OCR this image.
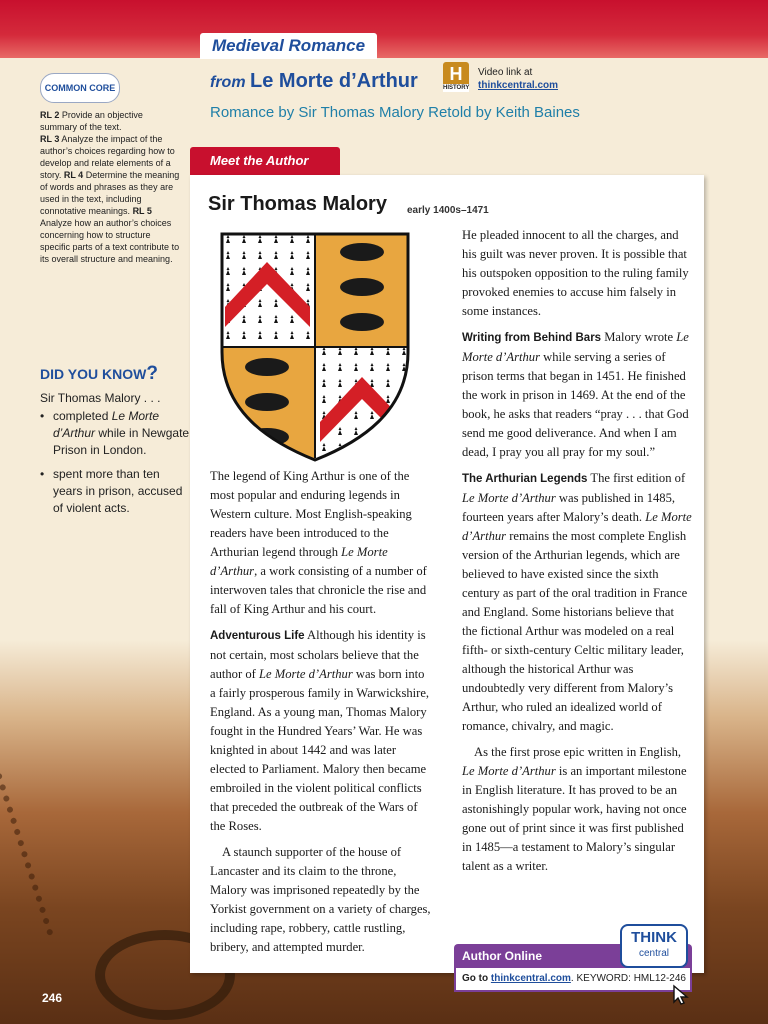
Medieval Romance
from Le Morte d’Arthur	H
HISTORY
Video link at
thinkcentral.com
Romance by Sir Thomas Malory Retold by Keith Baines
COMMON CORE
RL 2 Provide an objective summary of the text.
RL 3 Analyze the impact of the author’s choices regarding how to develop and relate elements of a story. RL 4 Determine the meaning of words and phrases as they are used in the text, including connotative meanings. RL 5 Analyze how an author’s choices concerning how to structure specific parts of a text contribute to its overall structure and meaning.
DID YOU KNOW?
Sir Thomas Malory . . .
• completed Le Morte d’Arthur while in Newgate Prison in London.
• spent more than ten years in prison, accused of violent acts.
Meet the Author
Sir Thomas Malory early 1400s–1471

The legend of King Arthur is one of the most popular and enduring legends in Western culture. Most English-speaking readers have been introduced to the Arthurian legend through Le Morte d’Arthur, a work consisting of a number of interwoven tales that chronicle the rise and fall of King Arthur and his court.

Adventurous Life Although his identity is not certain, most scholars believe that the author of Le Morte d’Arthur was born into a fairly prosperous family in Warwickshire, England. As a young man, Thomas Malory fought in the Hundred Years’ War. He was knighted in about 1442 and was later elected to Parliament. Malory then became embroiled in the violent political conflicts that preceded the outbreak of the Wars of the Roses.

A staunch supporter of the house of Lancaster and its claim to the throne, Malory was imprisoned repeatedly by the Yorkist government on a variety of charges, including rape, robbery, cattle rustling, bribery, and attempted murder.

He pleaded innocent to all the charges, and his guilt was never proven. It is possible that his outspoken opposition to the ruling family provoked enemies to accuse him falsely in some instances.

Writing from Behind Bars Malory wrote Le Morte d’Arthur while serving a series of prison terms that began in 1451. He finished the work in prison in 1469. At the end of the book, he asks that readers “pray . . . that God send me good deliverance. And when I am dead, I pray you all pray for my soul.”

The Arthurian Legends The first edition of Le Morte d’Arthur was published in 1485, fourteen years after Malory’s death. Le Morte d’Arthur remains the most complete English version of the Arthurian legends, which are believed to have existed since the sixth century as part of the oral tradition in France and England. Some historians believe that the fictional Arthur was modeled on a real fifth- or sixth-century Celtic military leader, although the historical Arthur was undoubtedly very different from Malory’s Arthur, who ruled an idealized world of romance, chivalry, and magic.

As the first prose epic written in English, Le Morte d’Arthur is an important milestone in English literature. It has proved to be an astonishingly popular work, having not once gone out of print since it was first published in 1485—a testament to Malory’s singular talent as a writer.

Author Online
Go to thinkcentral.com. KEYWORD: HML12-246
THINK
central
246
